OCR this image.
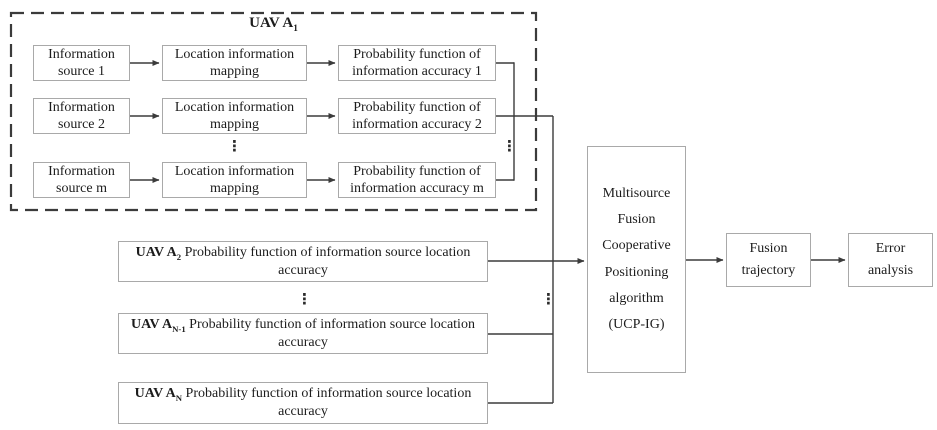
UAV $A_1$
Information
source 1
Location information
mapping
Probability function of
information accuracy 1
Information
source 2
Location information
mapping
Probability function of
information accuracy 2
⋮	⋮
Information
source m
Location information
mapping
Probability function of
information accuracy m
UAV $A_2$ Probability function of information source location accuracy
⋮	⋮
UAV $A_{N-1}$ Probability function of information source location accuracy
UAV $A_N$ Probability function of information source location accuracy
Multisource
Fusion
Cooperative
Positioning
algorithm
(UCP-IG)
Fusion
trajectory
Error
analysis
